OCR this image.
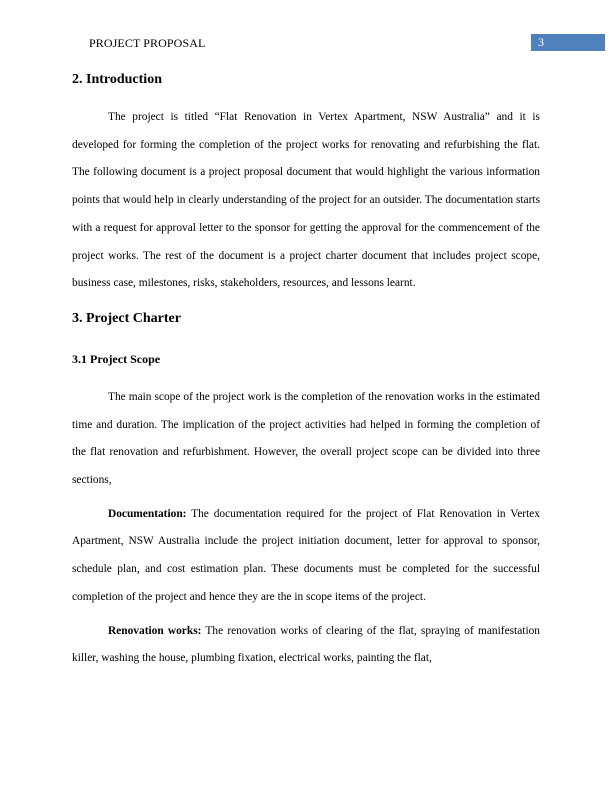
PROJECT PROPOSAL	3
2. Introduction

The project is titled “Flat Renovation in Vertex Apartment, NSW Australia” and it is developed for forming the completion of the project works for renovating and refurbishing the flat. The following document is a project proposal document that would highlight the various information points that would help in clearly understanding of the project for an outsider. The documentation starts with a request for approval letter to the sponsor for getting the approval for the commencement of the project works. The rest of the document is a project charter document that includes project scope, business case, milestones, risks, stakeholders, resources, and lessons learnt.

3. Project Charter
3.1 Project Scope

The main scope of the project work is the completion of the renovation works in the estimated time and duration. The implication of the project activities had helped in forming the completion of the flat renovation and refurbishment. However, the overall project scope can be divided into three sections,

Documentation: The documentation required for the project of Flat Renovation in Vertex Apartment, NSW Australia include the project initiation document, letter for approval to sponsor, schedule plan, and cost estimation plan. These documents must be completed for the successful completion of the project and hence they are the in scope items of the project.

Renovation works: The renovation works of clearing of the flat, spraying of manifestation killer, washing the house, plumbing fixation, electrical works, painting the flat,
